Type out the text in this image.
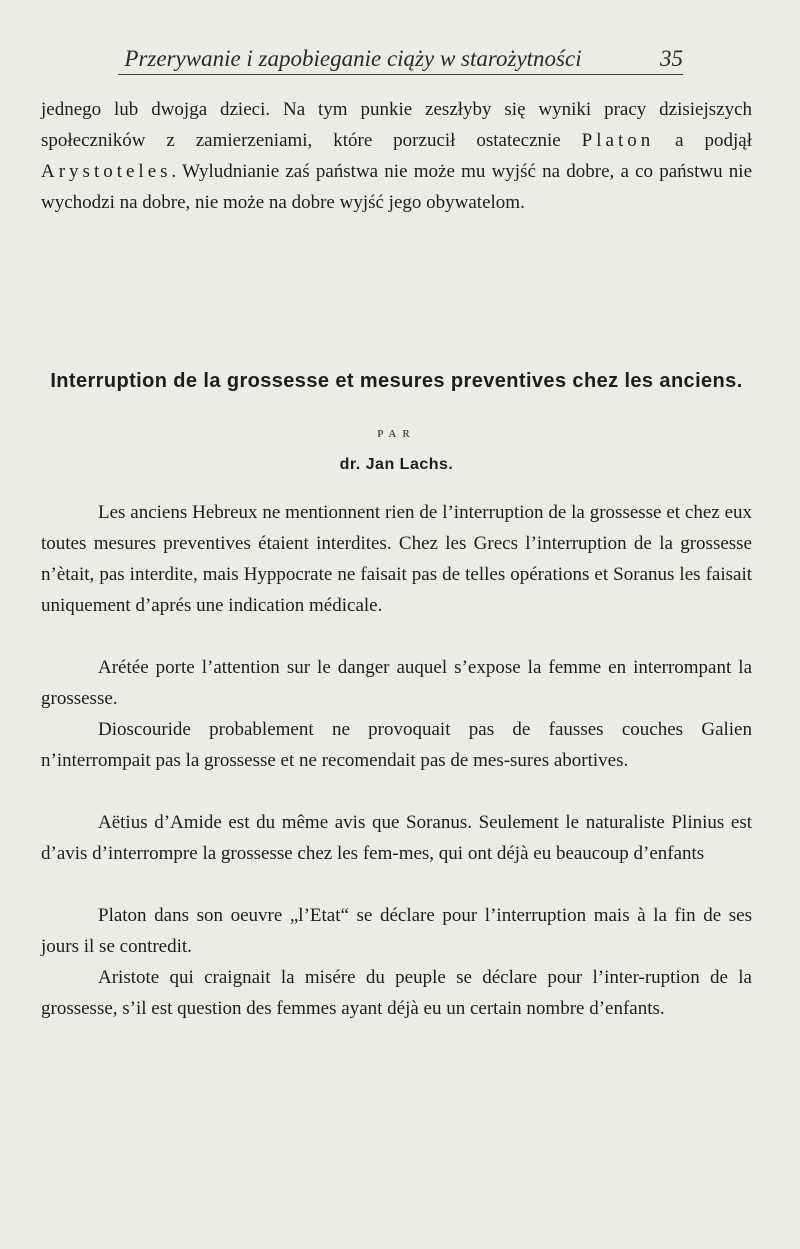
Przerywanie i zapobieganie ciąży w starożytności	35

jednego lub dwojga dzieci. Na tym punkie zeszłyby się wyniki pracy dzisiejszych społeczników z zamierzeniami, które porzucił ostatecznie Platon a podjął Arystoteles. Wyludnianie zaś państwa nie może mu wyjść na dobre, a co państwu nie wychodzi na dobre, nie może na dobre wyjść jego obywatelom.

Interruption de la grossesse et mesures preventives chez les anciens.
PAR
dr. Jan Lachs.

Les anciens Hebreux ne mentionnent rien de l’interruption de la grossesse et chez eux toutes mesures preventives étaient interdites. Chez les Grecs l’interruption de la grossesse n’ètait, pas interdite, mais Hyppocrate ne faisait pas de telles opérations et Soranus les faisait uniquement d’aprés une indication médicale.

Arétée porte l’attention sur le danger auquel s’expose la femme en interrompant la grossesse.

Dioscouride probablement ne provoquait pas de fausses couches Galien n’interrompait pas la grossesse et ne recomendait pas de mes-sures abortives.

Aëtius d’Amide est du même avis que Soranus. Seulement le naturaliste Plinius est d’avis d’interrompre la grossesse chez les fem-mes, qui ont déjà eu beaucoup d’enfants

Platon dans son oeuvre „l’Etat“ se déclare pour l’interruption mais à la fin de ses jours il se contredit.

Aristote qui craignait la misére du peuple se déclare pour l’inter-ruption de la grossesse, s’il est question des femmes ayant déjà eu un certain nombre d’enfants.
